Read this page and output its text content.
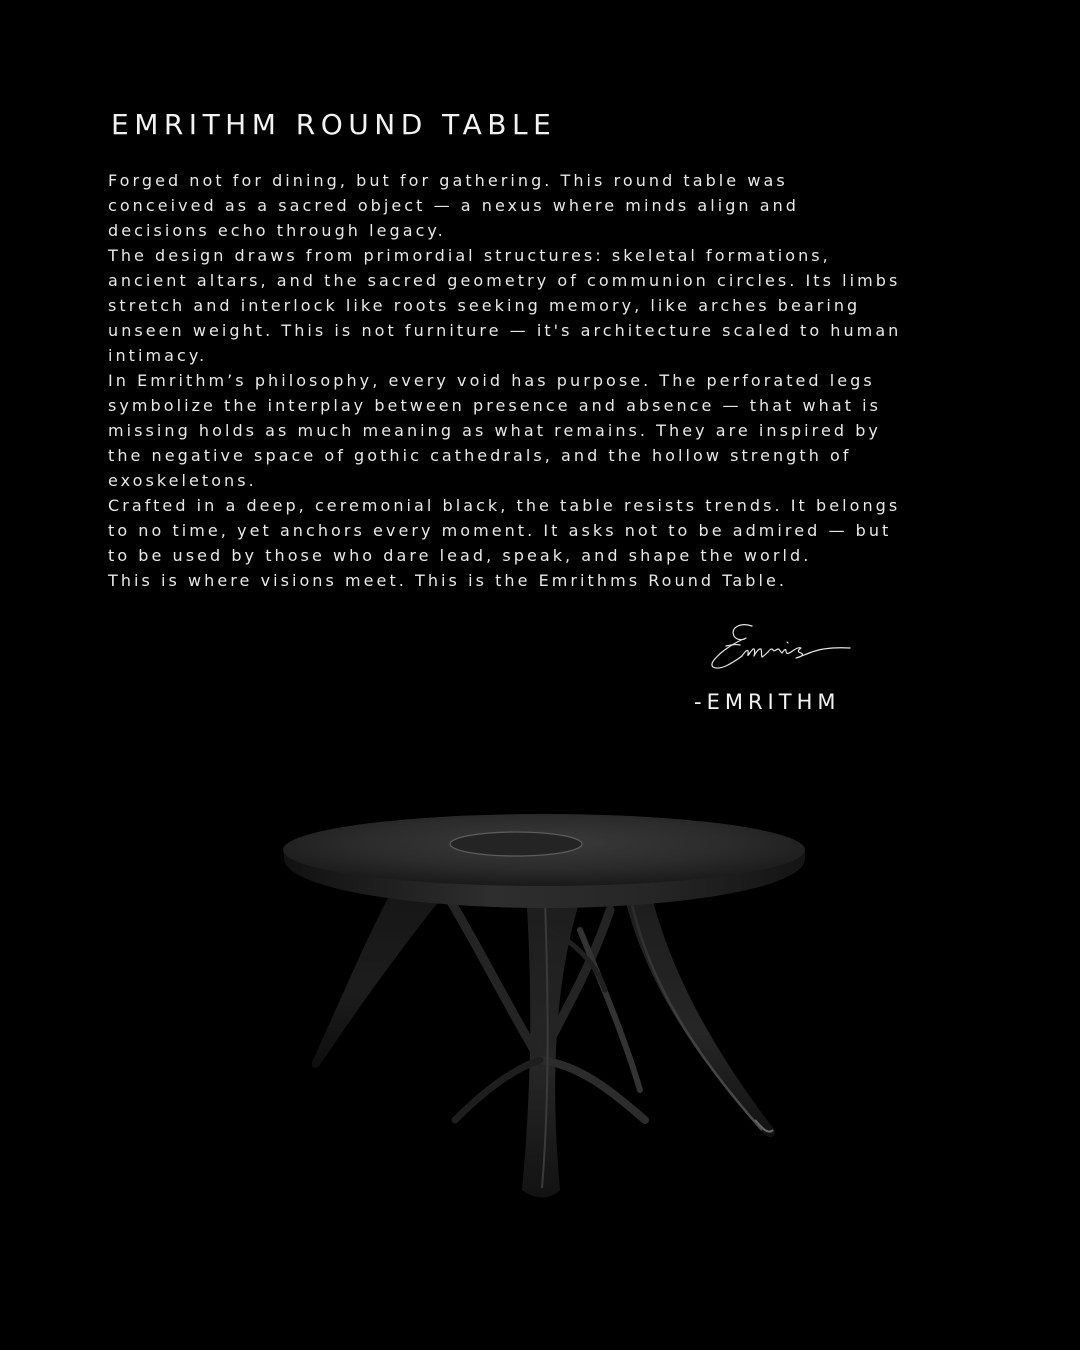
EMRITHM ROUND TABLE
Forged not for dining, but for gathering. This round table was
conceived as a sacred object — a nexus where minds align and
decisions echo through legacy.
The design draws from primordial structures: skeletal formations,
ancient altars, and the sacred geometry of communion circles. Its limbs
stretch and interlock like roots seeking memory, like arches bearing
unseen weight. This is not furniture — it's architecture scaled to human
intimacy.
In Emrithm’s philosophy, every void has purpose. The perforated legs
symbolize the interplay between presence and absence — that what is
missing holds as much meaning as what remains. They are inspired by
the negative space of gothic cathedrals, and the hollow strength of
exoskeletons.
Crafted in a deep, ceremonial black, the table resists trends. It belongs
to no time, yet anchors every moment. It asks not to be admired — but
to be used by those who dare lead, speak, and shape the world.
This is where visions meet. This is the Emrithms Round Table.
-EMRITHM
